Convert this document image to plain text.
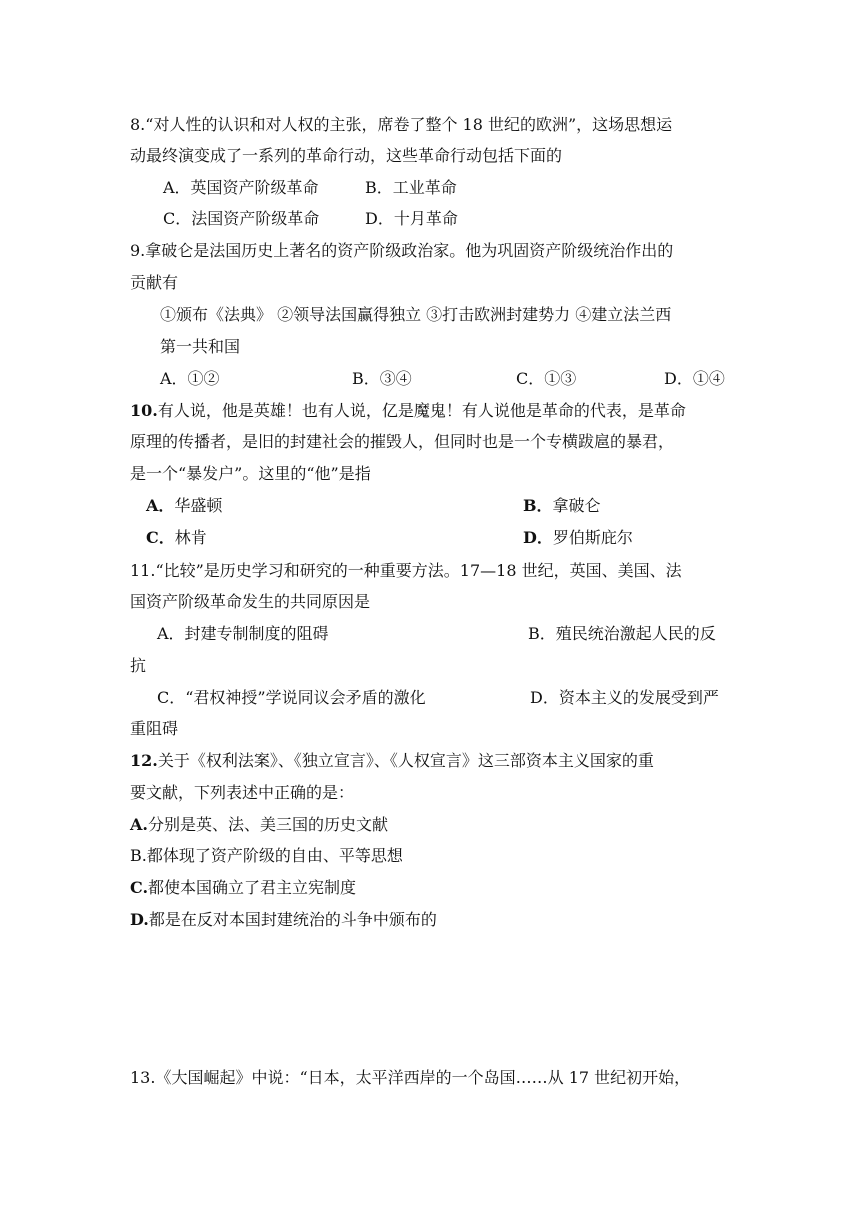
8.“对人性的认识和对人权的主张，席卷了整个 18 世纪的欧洲”，这场思想运
动最终演变成了一系列的革命行动，这些革命行动包括下面的
A．英国资产阶级革命	B．工业革命
C．法国资产阶级革命	D．十月革命
9.拿破仑是法国历史上著名的资产阶级政治家。他为巩固资产阶级统治作出的
贡献有
①颁布《法典》 ②领导法国赢得独立 ③打击欧洲封建势力 ④建立法兰西
第一共和国
A．①②	B．③④	C．①③	D．①④
10.有人说，他是英雄！也有人说，亿是魔鬼！有人说他是革命的代表，是革命
原理的传播者，是旧的封建社会的摧毁人，但同时也是一个专横跋扈的暴君，
是一个“暴发户”。这里的“他”是指
A．华盛顿	B．拿破仑
C．林肯	D．罗伯斯庇尔
11.“比较”是历史学习和研究的一种重要方法。17—18 世纪，英国、美国、法
国资产阶级革命发生的共同原因是
A．封建专制制度的阻碍	B．殖民统治激起人民的反
抗
C．“君权神授”学说同议会矛盾的激化	D．资本主义的发展受到严
重阻碍
12.关于《权利法案》、《独立宣言》、《人权宣言》这三部资本主义国家的重
要文献，下列表述中正确的是：
A.分别是英、法、美三国的历史文献
B.都体现了资产阶级的自由、平等思想
C.都使本国确立了君主立宪制度
D.都是在反对本国封建统治的斗争中颁布的
13.《大国崛起》中说：“日本，太平洋西岸的一个岛国……从 17 世纪初开始，
